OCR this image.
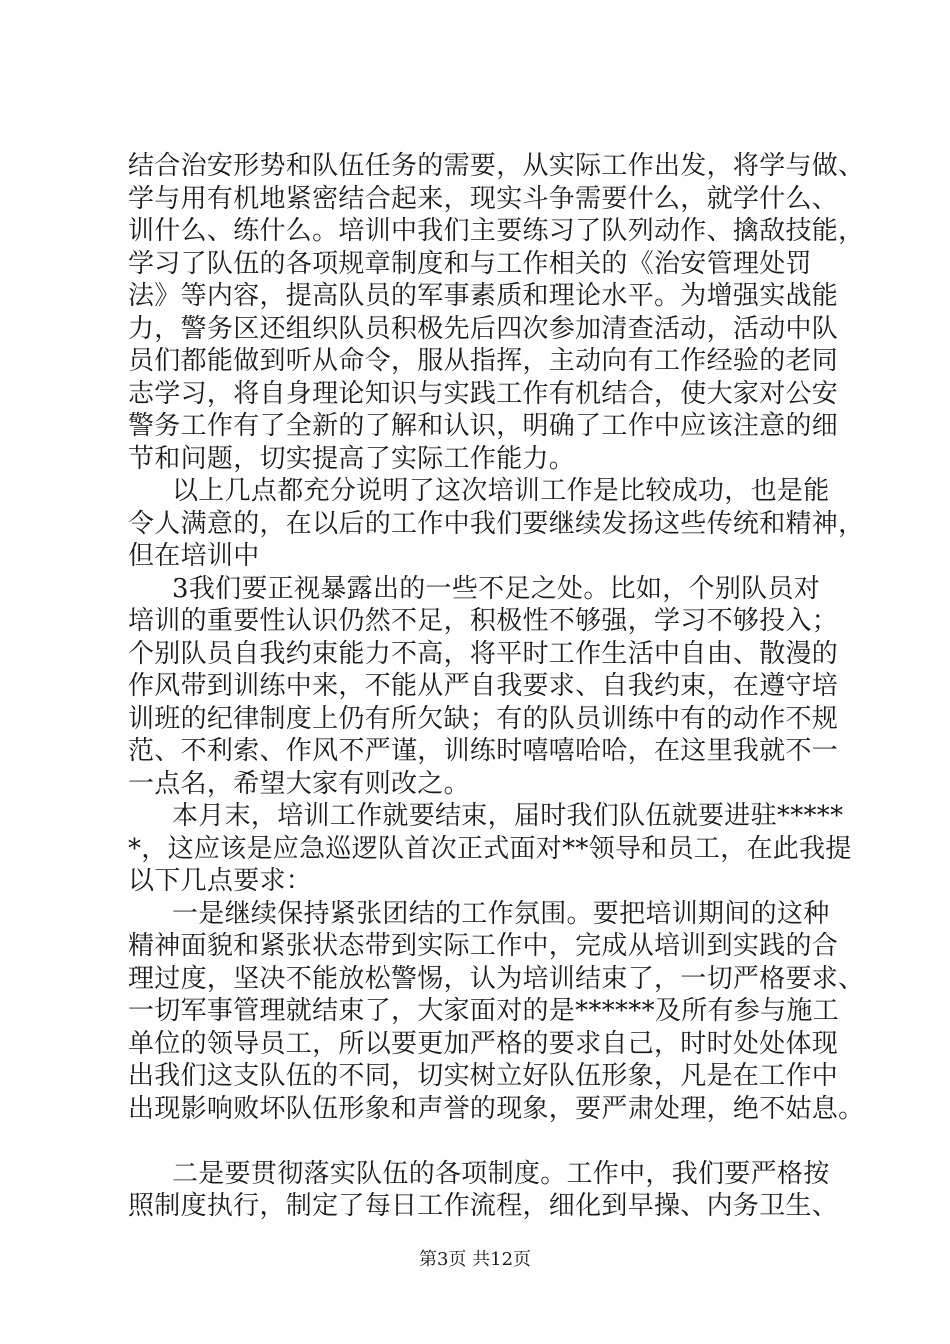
结合治安形势和队伍任务的需要，从实际工作出发，将学与做、
学与用有机地紧密结合起来，现实斗争需要什么，就学什么、
训什么、练什么。培训中我们主要练习了队列动作、擒敌技能，
学习了队伍的各项规章制度和与工作相关的《治安管理处罚
法》等内容，提高队员的军事素质和理论水平。为增强实战能
力，警务区还组织队员积极先后四次参加清查活动，活动中队
员们都能做到听从命令，服从指挥，主动向有工作经验的老同
志学习，将自身理论知识与实践工作有机结合，使大家对公安
警务工作有了全新的了解和认识，明确了工作中应该注意的细
节和问题，切实提高了实际工作能力。
以上几点都充分说明了这次培训工作是比较成功，也是能
令人满意的，在以后的工作中我们要继续发扬这些传统和精神，
但在培训中
3我们要正视暴露出的一些不足之处。比如，个别队员对
培训的重要性认识仍然不足，积极性不够强，学习不够投入；
个别队员自我约束能力不高，将平时工作生活中自由、散漫的
作风带到训练中来，不能从严自我要求、自我约束，在遵守培
训班的纪律制度上仍有所欠缺；有的队员训练中有的动作不规
范、不利索、作风不严谨，训练时嘻嘻哈哈，在这里我就不一
一点名，希望大家有则改之。
本月末，培训工作就要结束，届时我们队伍就要进驻*****
*，这应该是应急巡逻队首次正式面对**领导和员工，在此我提
以下几点要求：
一是继续保持紧张团结的工作氛围。要把培训期间的这种
精神面貌和紧张状态带到实际工作中，完成从培训到实践的合
理过度，坚决不能放松警惕，认为培训结束了，一切严格要求、
一切军事管理就结束了，大家面对的是******及所有参与施工
单位的领导员工，所以要更加严格的要求自己，时时处处体现
出我们这支队伍的不同，切实树立好队伍形象，凡是在工作中
出现影响败坏队伍形象和声誉的现象，要严肃处理，绝不姑息。
二是要贯彻落实队伍的各项制度。工作中，我们要严格按
照制度执行，制定了每日工作流程，细化到早操、内务卫生、
第3页 共12页
